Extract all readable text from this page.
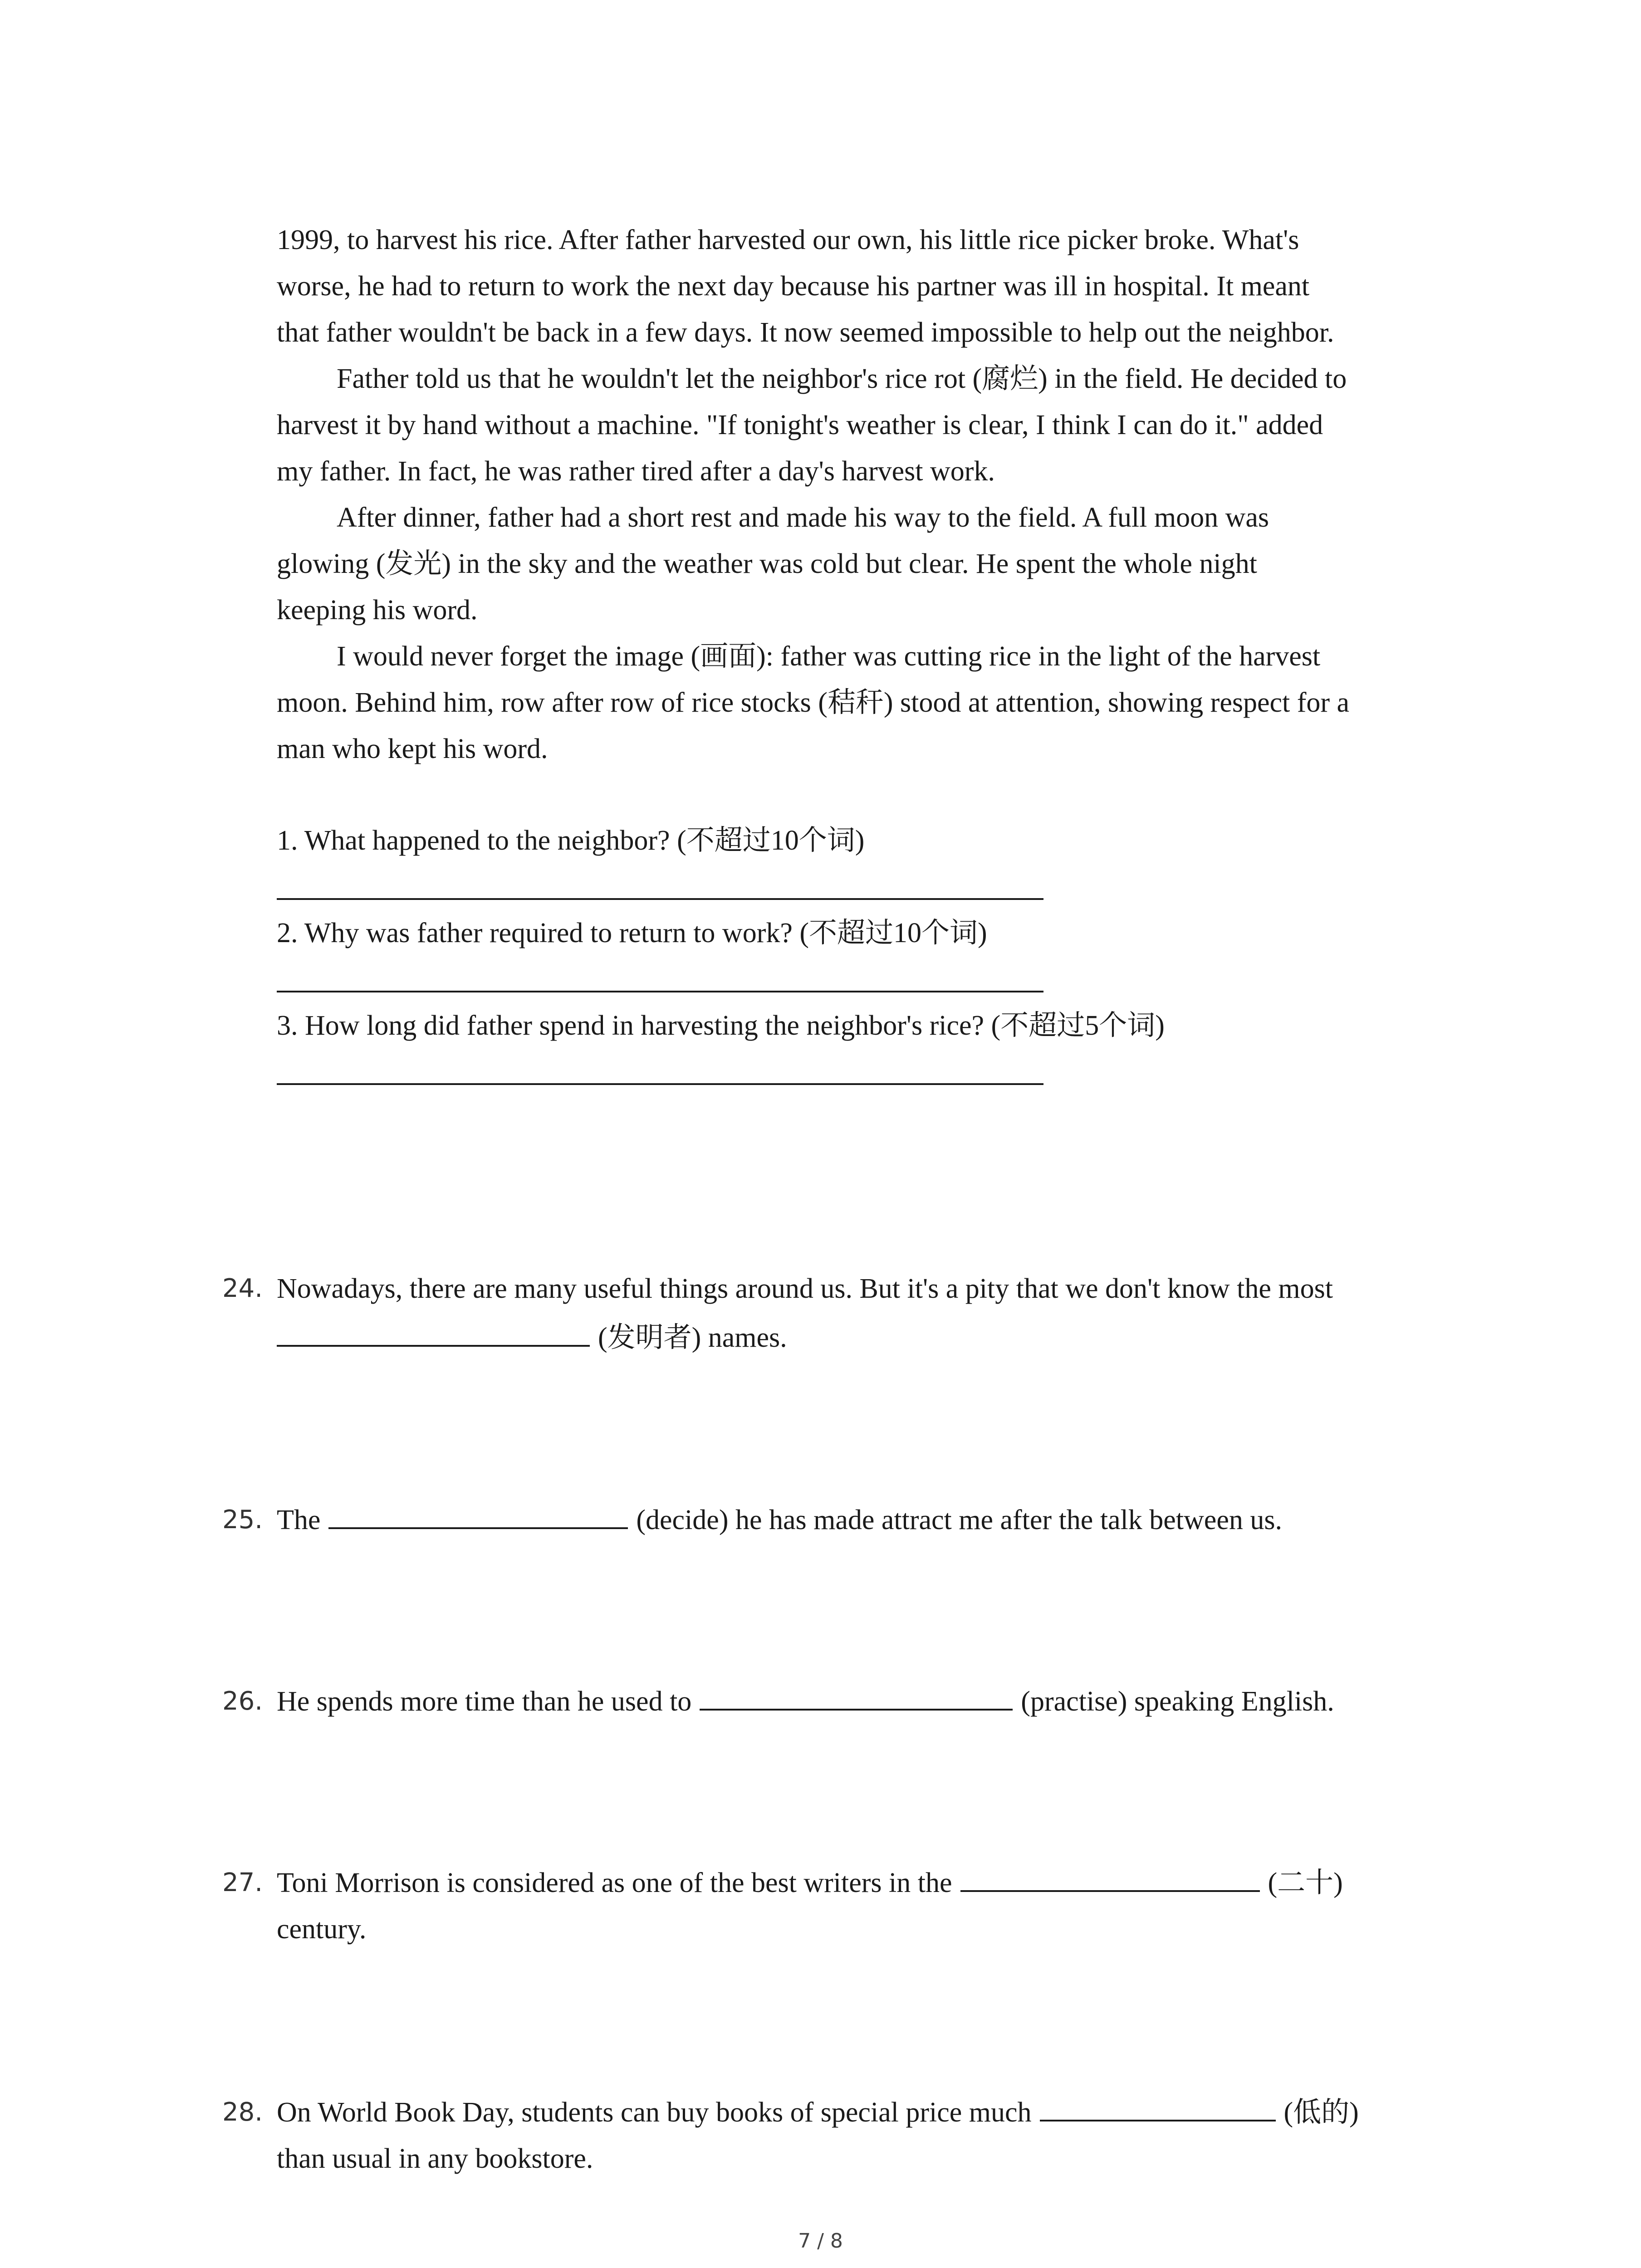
1999, to harvest his rice. After father harvested our own, his little rice picker broke. What's
worse, he had to return to work the next day because his partner was ill in hospital. It meant
that father wouldn't be back in a few days. It now seemed impossible to help out the neighbor.
Father told us that he wouldn't let the neighbor's rice rot (腐烂) in the field. He decided to
harvest it by hand without a machine. "If tonight's weather is clear, I think I can do it." added
my father. In fact, he was rather tired after a day's harvest work.
After dinner, father had a short rest and made his way to the field. A full moon was
glowing (发光) in the sky and the weather was cold but clear. He spent the whole night
keeping his word.
I would never forget the image (画面): father was cutting rice in the light of the harvest
moon. Behind him, row after row of rice stocks (秸秆) stood at attention, showing respect for a
man who kept his word.
1. What happened to the neighbor? (不超过10个词)
2. Why was father required to return to work? (不超过10个词)
3. How long did father spend in harvesting the neighbor's rice? (不超过5个词)
24. Nowadays, there are many useful things around us. But it's a pity that we don't know the most
(发明者) names.
25. The	(decide) he has made attract me after the talk between us.
26. He spends more time than he used to	(practise) speaking English.
27. Toni Morrison is considered as one of the best writers in the	(二十)
century.
28. On World Book Day, students can buy books of special price much	(低的)
than usual in any bookstore.
7 / 8
